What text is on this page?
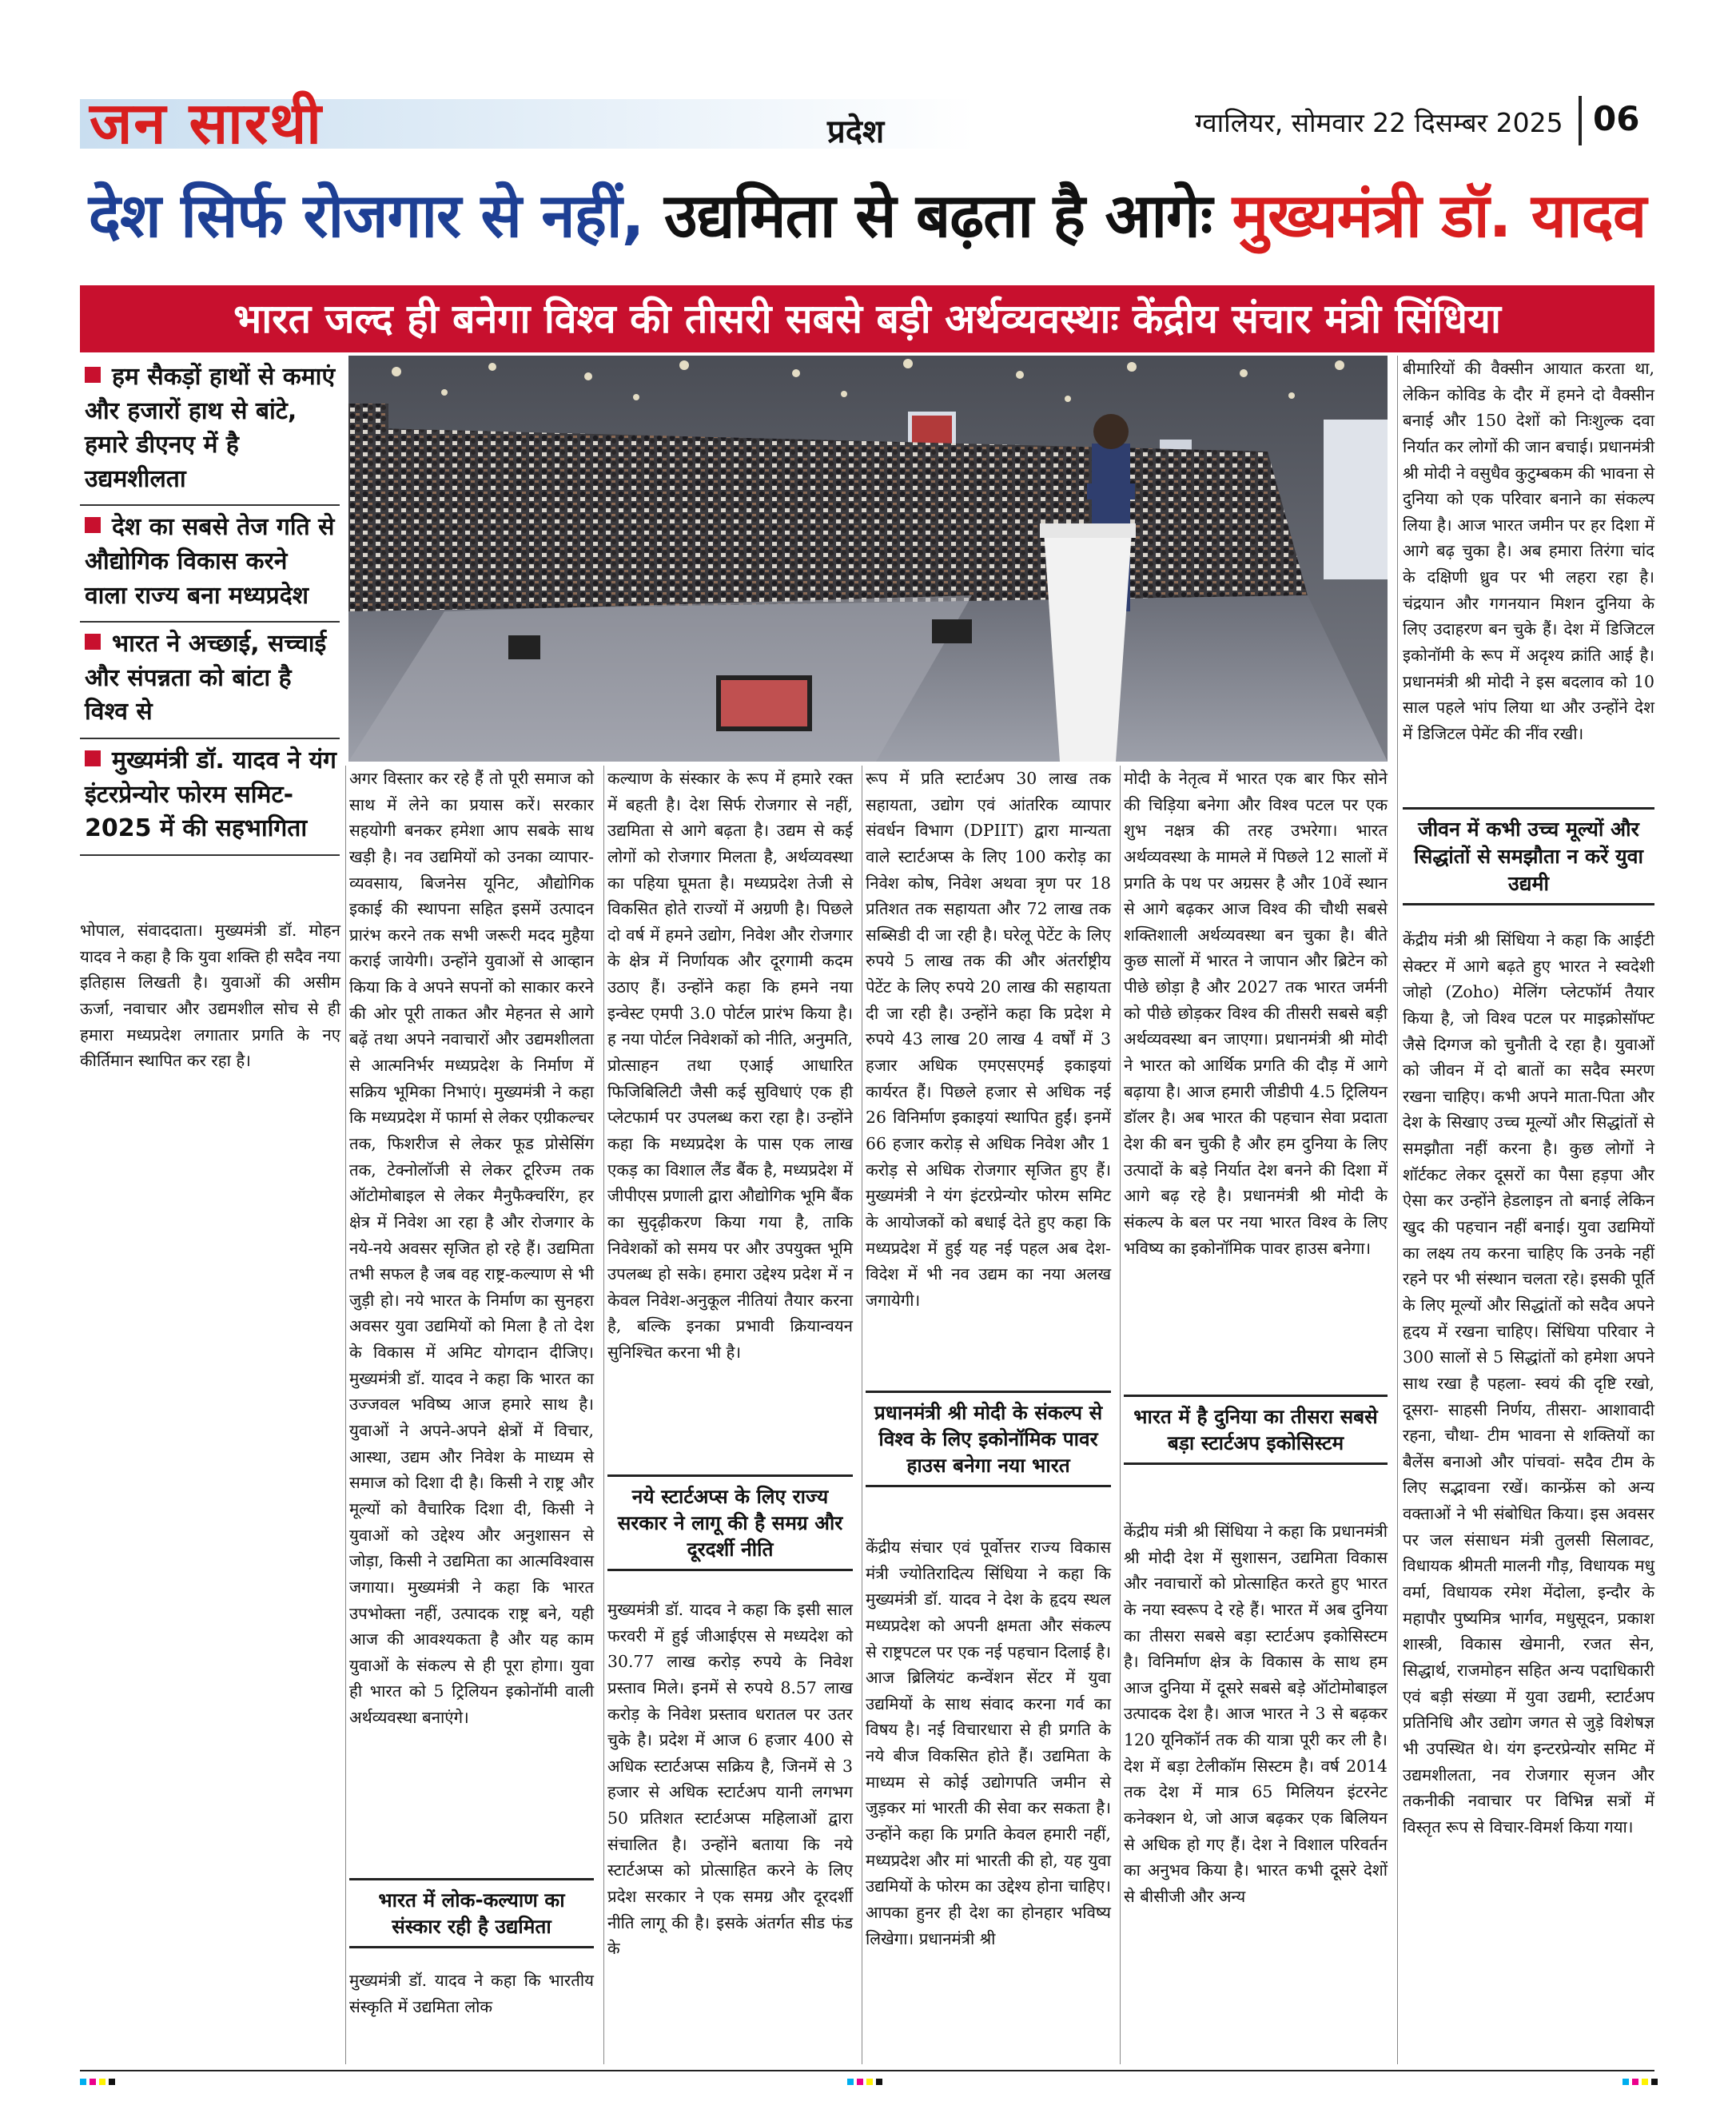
जन सारथी	प्रदेश	ग्वालियर, सोमवार 22 दिसम्बर 2025 06
देश सिर्फ रोजगार से नहीं, उद्यमिता से बढ़ता है आगेः मुख्यमंत्री डॉ. यादव
भारत जल्द ही बनेगा विश्व की तीसरी सबसे बड़ी अर्थव्यवस्थाः केंद्रीय संचार मंत्री सिंधिया
हम सैकड़ों हाथों से कमाएं और हजारों हाथ से बांटे, हमारे डीएनए में है उद्यमशीलता
देश का सबसे तेज गति से औद्योगिक विकास करने वाला राज्य बना मध्यप्रदेश
भारत ने अच्छाई, सच्चाई और संपन्नता को बांटा है विश्व से
मुख्यमंत्री डॉ. यादव ने यंग इंटरप्रेन्योर फोरम समिट- 2025 में की सहभागिता

भोपाल, संवाददाता। मुख्यमंत्री डॉ. मोहन यादव ने कहा है कि युवा शक्ति ही सदैव नया इतिहास लिखती है। युवाओं की असीम ऊर्जा, नवाचार और उद्यमशील सोच से ही हमारा मध्यप्रदेश लगातार प्रगति के नए कीर्तिमान स्थापित कर रहा है।

अगर विस्तार कर रहे हैं तो पूरी समाज को साथ में लेने का प्रयास करें। सरकार सहयोगी बनकर हमेशा आप सबके साथ खड़ी है। नव उद्यमियों को उनका व्यापार-व्यवसाय, बिजनेस यूनिट, औद्योगिक इकाई की स्थापना सहित इसमें उत्पादन प्रारंभ करने तक सभी जरूरी मदद मुहैया कराई जायेगी। उन्होंने युवाओं से आव्हान किया कि वे अपने सपनों को साकार करने की ओर पूरी ताकत और मेहनत से आगे बढ़ें तथा अपने नवाचारों और उद्यमशीलता से आत्मनिर्भर मध्यप्रदेश के निर्माण में सक्रिय भूमिका निभाएं। मुख्यमंत्री ने कहा कि मध्यप्रदेश में फार्मा से लेकर एग्रीकल्चर तक, फिशरीज से लेकर फूड प्रोसेसिंग तक, टेक्नोलॉजी से लेकर टूरिज्म तक ऑटोमोबाइल से लेकर मैनुफैक्चरिंग, हर क्षेत्र में निवेश आ रहा है और रोजगार के नये-नये अवसर सृजित हो रहे हैं। उद्यमिता तभी सफल है जब वह राष्ट्र-कल्याण से भी जुड़ी हो। नये भारत के निर्माण का सुनहरा अवसर युवा उद्यमियों को मिला है तो देश के विकास में अमिट योगदान दीजिए। मुख्यमंत्री डॉ. यादव ने कहा कि भारत का उज्जवल भविष्य आज हमारे साथ है। युवाओं ने अपने-अपने क्षेत्रों में विचार, आस्था, उद्यम और निवेश के माध्यम से समाज को दिशा दी है। किसी ने राष्ट्र और मूल्यों को वैचारिक दिशा दी, किसी ने युवाओं को उद्देश्य और अनुशासन से जोड़ा, किसी ने उद्यमिता का आत्मविश्वास जगाया। मुख्यमंत्री ने कहा कि भारत उपभोक्ता नहीं, उत्पादक राष्ट्र बने, यही आज की आवश्यकता है और यह काम युवाओं के संकल्प से ही पूरा होगा। युवा ही भारत को 5 ट्रिलियन इकोनॉमी वाली अर्थव्यवस्था बनाएंगे।

भारत में लोक-कल्याण का संस्कार रही है उद्यमिता

मुख्यमंत्री डॉ. यादव ने कहा कि भारतीय संस्कृति में उद्यमिता लोक

कल्याण के संस्कार के रूप में हमारे रक्त में बहती है। देश सिर्फ रोजगार से नहीं, उद्यमिता से आगे बढ़ता है। उद्यम से कई लोगों को रोजगार मिलता है, अर्थव्यवस्था का पहिया घूमता है। मध्यप्रदेश तेजी से विकसित होते राज्यों में अग्रणी है। पिछले दो वर्ष में हमने उद्योग, निवेश और रोजगार के क्षेत्र में निर्णायक और दूरगामी कदम उठाए हैं। उन्होंने कहा कि हमने नया इन्वेस्ट एमपी 3.0 पोर्टल प्रारंभ किया है। ह नया पोर्टल निवेशकों को नीति, अनुमति, प्रोत्साहन तथा एआई आधारित फिजिबिलिटी जैसी कई सुविधाएं एक ही प्लेटफार्म पर उपलब्ध करा रहा है। उन्होंने कहा कि मध्यप्रदेश के पास एक लाख एकड़ का विशाल लैंड बैंक है, मध्यप्रदेश में जीपीएस प्रणाली द्वारा औद्योगिक भूमि बैंक का सुदृढ़ीकरण किया गया है, ताकि निवेशकों को समय पर और उपयुक्त भूमि उपलब्ध हो सके। हमारा उद्देश्य प्रदेश में न केवल निवेश-अनुकूल नीतियां तैयार करना है, बल्कि इनका प्रभावी क्रियान्वयन सुनिश्चित करना भी है।

नये स्टार्टअप्स के लिए राज्य सरकार ने लागू की है समग्र और दूरदर्शी नीति

मुख्यमंत्री डॉ. यादव ने कहा कि इसी साल फरवरी में हुई जीआईएस से मध्यदेश को 30.77 लाख करोड़ रुपये के निवेश प्रस्ताव मिले। इनमें से रुपये 8.57 लाख करोड़ के निवेश प्रस्ताव धरातल पर उतर चुके है। प्रदेश में आज 6 हजार 400 से अधिक स्टार्टअप्स सक्रिय है, जिनमें से 3 हजार से अधिक स्टार्टअप यानी लगभग 50 प्रतिशत स्टार्टअप्स महिलाओं द्वारा संचालित है। उन्होंने बताया कि नये स्टार्टअप्स को प्रोत्साहित करने के लिए प्रदेश सरकार ने एक समग्र और दूरदर्शी नीति लागू की है। इसके अंतर्गत सीड फंड के

रूप में प्रति स्टार्टअप 30 लाख तक सहायता, उद्योग एवं आंतरिक व्यापार संवर्धन विभाग (DPIIT) द्वारा मान्यता वाले स्टार्टअप्स के लिए 100 करोड़ का निवेश कोष, निवेश अथवा त्रृण पर 18 प्रतिशत तक सहायता और 72 लाख तक सब्सिडी दी जा रही है। घरेलू पेटेंट के लिए रुपये 5 लाख तक की और अंतर्राष्ट्रीय पेटेंट के लिए रुपये 20 लाख की सहायता दी जा रही है। उन्होंने कहा कि प्रदेश मे रुपये 43 लाख 20 लाख 4 वर्षों में 3 हजार अधिक एमएसएमई इकाइयां कार्यरत हैं। पिछले हजार से अधिक नई 26 विनिर्माण इकाइयां स्थापित हुईं। इनमें 66 हजार करोड़ से अधिक निवेश और 1 करोड़ से अधिक रोजगार सृजित हुए हैं। मुख्यमंत्री ने यंग इंटरप्रेन्योर फोरम समिट के आयोजकों को बधाई देते हुए कहा कि मध्यप्रदेश में हुई यह नई पहल अब देश-विदेश में भी नव उद्यम का नया अलख जगायेगी।

प्रधानमंत्री श्री मोदी के संकल्प से विश्व के लिए इकोनॉमिक पावर हाउस बनेगा नया भारत

केंद्रीय संचार एवं पूर्वोत्तर राज्य विकास मंत्री ज्योतिरादित्य सिंधिया ने कहा कि मुख्यमंत्री डॉ. यादव ने देश के हृदय स्थल मध्यप्रदेश को अपनी क्षमता और संकल्प से राष्ट्रपटल पर एक नई पहचान दिलाई है। आज ब्रिलियंट कन्वेंशन सेंटर में युवा उद्यमियों के साथ संवाद करना गर्व का विषय है। नई विचारधारा से ही प्रगति के नये बीज विकसित होते हैं। उद्यमिता के माध्यम से कोई उद्योगपति जमीन से जुड़कर मां भारती की सेवा कर सकता है। उन्होंने कहा कि प्रगति केवल हमारी नहीं, मध्यप्रदेश और मां भारती की हो, यह युवा उद्यमियों के फोरम का उद्देश्य होना चाहिए। आपका हुनर ही देश का होनहार भविष्य लिखेगा। प्रधानमंत्री श्री

मोदी के नेतृत्व में भारत एक बार फिर सोने की चिड़िया बनेगा और विश्व पटल पर एक शुभ नक्षत्र की तरह उभरेगा। भारत अर्थव्यवस्था के मामले में पिछले 12 सालों में प्रगति के पथ पर अग्रसर है और 10वें स्थान से आगे बढ़कर आज विश्व की चौथी सबसे शक्तिशाली अर्थव्यवस्था बन चुका है। बीते कुछ सालों में भारत ने जापान और ब्रिटेन को पीछे छोड़ा है और 2027 तक भारत जर्मनी को पीछे छोड़कर विश्व की तीसरी सबसे बड़ी अर्थव्यवस्था बन जाएगा। प्रधानमंत्री श्री मोदी ने भारत को आर्थिक प्रगति की दौड़ में आगे बढ़ाया है। आज हमारी जीडीपी 4.5 ट्रिलियन डॉलर है। अब भारत की पहचान सेवा प्रदाता देश की बन चुकी है और हम दुनिया के लिए उत्पादों के बड़े निर्यात देश बनने की दिशा में आगे बढ़ रहे है। प्रधानमंत्री श्री मोदी के संकल्प के बल पर नया भारत विश्व के लिए भविष्य का इकोनॉमिक पावर हाउस बनेगा।

भारत में है दुनिया का तीसरा सबसे बड़ा स्टार्टअप इकोसिस्टम

केंद्रीय मंत्री श्री सिंधिया ने कहा कि प्रधानमंत्री श्री मोदी देश में सुशासन, उद्यमिता विकास और नवाचारों को प्रोत्साहित करते हुए भारत के नया स्वरूप दे रहे हैं। भारत में अब दुनिया का तीसरा सबसे बड़ा स्टार्टअप इकोसिस्टम है। विनिर्माण क्षेत्र के विकास के साथ हम आज दुनिया में दूसरे सबसे बड़े ऑटोमोबाइल उत्पादक देश है। आज भारत ने 3 से बढ़कर 120 यूनिकॉर्न तक की यात्रा पूरी कर ली है। देश में बड़ा टेलीकॉम सिस्टम है। वर्ष 2014 तक देश में मात्र 65 मिलियन इंटरनेट कनेक्शन थे, जो आज बढ़कर एक बिलियन से अधिक हो गए हैं। देश ने विशाल परिवर्तन का अनुभव किया है। भारत कभी दूसरे देशों से बीसीजी और अन्य

बीमारियों की वैक्सीन आयात करता था, लेकिन कोविड के दौर में हमने दो वैक्सीन बनाई और 150 देशों को निःशुल्क दवा निर्यात कर लोगों की जान बचाई। प्रधानमंत्री श्री मोदी ने वसुधैव कुटुम्बकम की भावना से दुनिया को एक परिवार बनाने का संकल्प लिया है। आज भारत जमीन पर हर दिशा में आगे बढ़ चुका है। अब हमारा तिरंगा चांद के दक्षिणी ध्रुव पर भी लहरा रहा है। चंद्रयान और गगनयान मिशन दुनिया के लिए उदाहरण बन चुके हैं। देश में डिजिटल इकोनॉमी के रूप में अदृश्य क्रांति आई है। प्रधानमंत्री श्री मोदी ने इस बदलाव को 10 साल पहले भांप लिया था और उन्होंने देश में डिजिटल पेमेंट की नींव रखी।

जीवन में कभी उच्च मूल्यों और सिद्धांतों से समझौता न करें युवा उद्यमी

केंद्रीय मंत्री श्री सिंधिया ने कहा कि आईटी सेक्टर में आगे बढ़ते हुए भारत ने स्वदेशी जोहो (Zoho) मेलिंग प्लेटफॉर्म तैयार किया है, जो विश्व पटल पर माइक्रोसॉफ्ट जैसे दिग्गज को चुनौती दे रहा है। युवाओं को जीवन में दो बातों का सदैव स्मरण रखना चाहिए। कभी अपने माता-पिता और देश के सिखाए उच्च मूल्यों और सिद्धांतों से समझौता नहीं करना है। कुछ लोगों ने शॉर्टकट लेकर दूसरों का पैसा हड़पा और ऐसा कर उन्होंने हेडलाइन तो बनाई लेकिन खुद की पहचान नहीं बनाई। युवा उद्यमियों का लक्ष्य तय करना चाहिए कि उनके नहीं रहने पर भी संस्थान चलता रहे। इसकी पूर्ति के लिए मूल्यों और सिद्धांतों को सदैव अपने हृदय में रखना चाहिए। सिंधिया परिवार ने 300 सालों से 5 सिद्धांतों को हमेशा अपने साथ रखा है पहला- स्वयं की दृष्टि रखो, दूसरा- साहसी निर्णय, तीसरा- आशावादी रहना, चौथा- टीम भावना से शक्तियों का बैलेंस बनाओ और पांचवां- सदैव टीम के लिए सद्भावना रखें। कान्फ्रेंस को अन्य वक्ताओं ने भी संबोधित किया। इस अवसर पर जल संसाधन मंत्री तुलसी सिलावट, विधायक श्रीमती मालनी गौड़, विधायक मधु वर्मा, विधायक रमेश मेंदोला, इन्दौर के महापौर पुष्यमित्र भार्गव, मधुसूदन, प्रकाश शास्त्री, विकास खेमानी, रजत सेन, सिद्धार्थ, राजमोहन सहित अन्य पदाधिकारी एवं बड़ी संख्या में युवा उद्यमी, स्टार्टअप प्रतिनिधि और उद्योग जगत से जुड़े विशेषज्ञ भी उपस्थित थे। यंग इन्टरप्रेन्योर समिट में उद्यमशीलता, नव रोजगार सृजन और तकनीकी नवाचार पर विभिन्न सत्रों में विस्तृत रूप से विचार-विमर्श किया गया।
